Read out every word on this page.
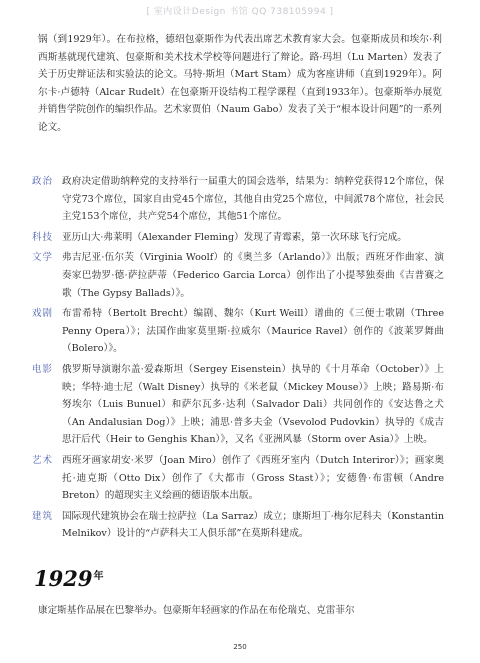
[ 室内设计Design 书馆 QQ 738105994 ]

锅（到1929年）。在布拉格，德绍包豪斯作为代表出席艺术教育家大会。包豪斯成员和埃尔·利西斯基就现代建筑、包豪斯和美术技术学校等问题进行了辩论。路·玛坦（Lu Marten）发表了关于历史辩证法和实验法的论文。马特·斯坦（Mart Stam）成为客座讲师（直到1929年）。阿尔卡·卢德特（Alcar Rudelt）在包豪斯开设结构工程学课程（直到1933年）。包豪斯举办展览并销售学院创作的编织作品。艺术家贾伯（Naum Gabo）发表了关于“根本设计问题”的一系列论文。

政治 政府决定借助纳粹党的支持举行一届重大的国会选举，结果为：纳粹党获得12个席位，保守党73个席位，国家自由党45个席位，其他自由党25个席位，中间派78个席位，社会民主党153个席位，共产党54个席位，其他51个席位。
科技 亚历山大·弗莱明（Alexander Fleming）发现了青霉素，第一次环球飞行完成。
文学 弗吉尼亚·伍尔芙（Virginia Woolf）的《奥兰多（Arlando）》出版；西班牙作曲家、演奏家巴勃罗·德·萨拉萨蒂（Federico Garcia Lorca）创作出了小提琴独奏曲《吉普赛之歌（The Gypsy Ballads）》。
戏剧 布雷希特（Bertolt Brecht）编剧、魏尔（Kurt Weill）谱曲的《三便士歌剧（Three Penny Opera）》；法国作曲家莫里斯·拉威尔（Maurice Ravel）创作的《波莱罗舞曲（Bolero）》。
电影 俄罗斯导演谢尔盖·爱森斯坦（Sergey Eisenstein）执导的《十月革命（October）》上映；华特·迪士尼（Walt Disney）执导的《米老鼠（Mickey Mouse）》上映；路易斯·布努埃尔（Luis Bunuel）和萨尔瓦多·达利（Salvador Dali）共同创作的《安达鲁之犬（An Andalusian Dog）》上映；浦思·普多夫金（Vsevolod Pudovkin）执导的《成吉思汗后代（Heir to Genghis Khan）》，又名《亚洲风暴（Storm over Asia）》上映。
艺术 西班牙画家胡安·米罗（Joan Miro）创作了《西班牙室内（Dutch Interiror）》；画家奥托·迪克斯（Otto Dix）创作了《大都市（Gross Stast）》；安德鲁·布雷顿（Andre Breton）的超现实主义绘画的德语版本出版。
建筑 国际现代建筑协会在瑞士拉萨拉（La Sarraz）成立；康斯坦丁·梅尔尼科夫（Konstantin Melnikov）设计的“卢萨科夫工人俱乐部”在莫斯科建成。
$1929^年$
康定斯基作品展在巴黎举办。包豪斯年轻画家的作品在布伦瑞克、克雷菲尔
250
